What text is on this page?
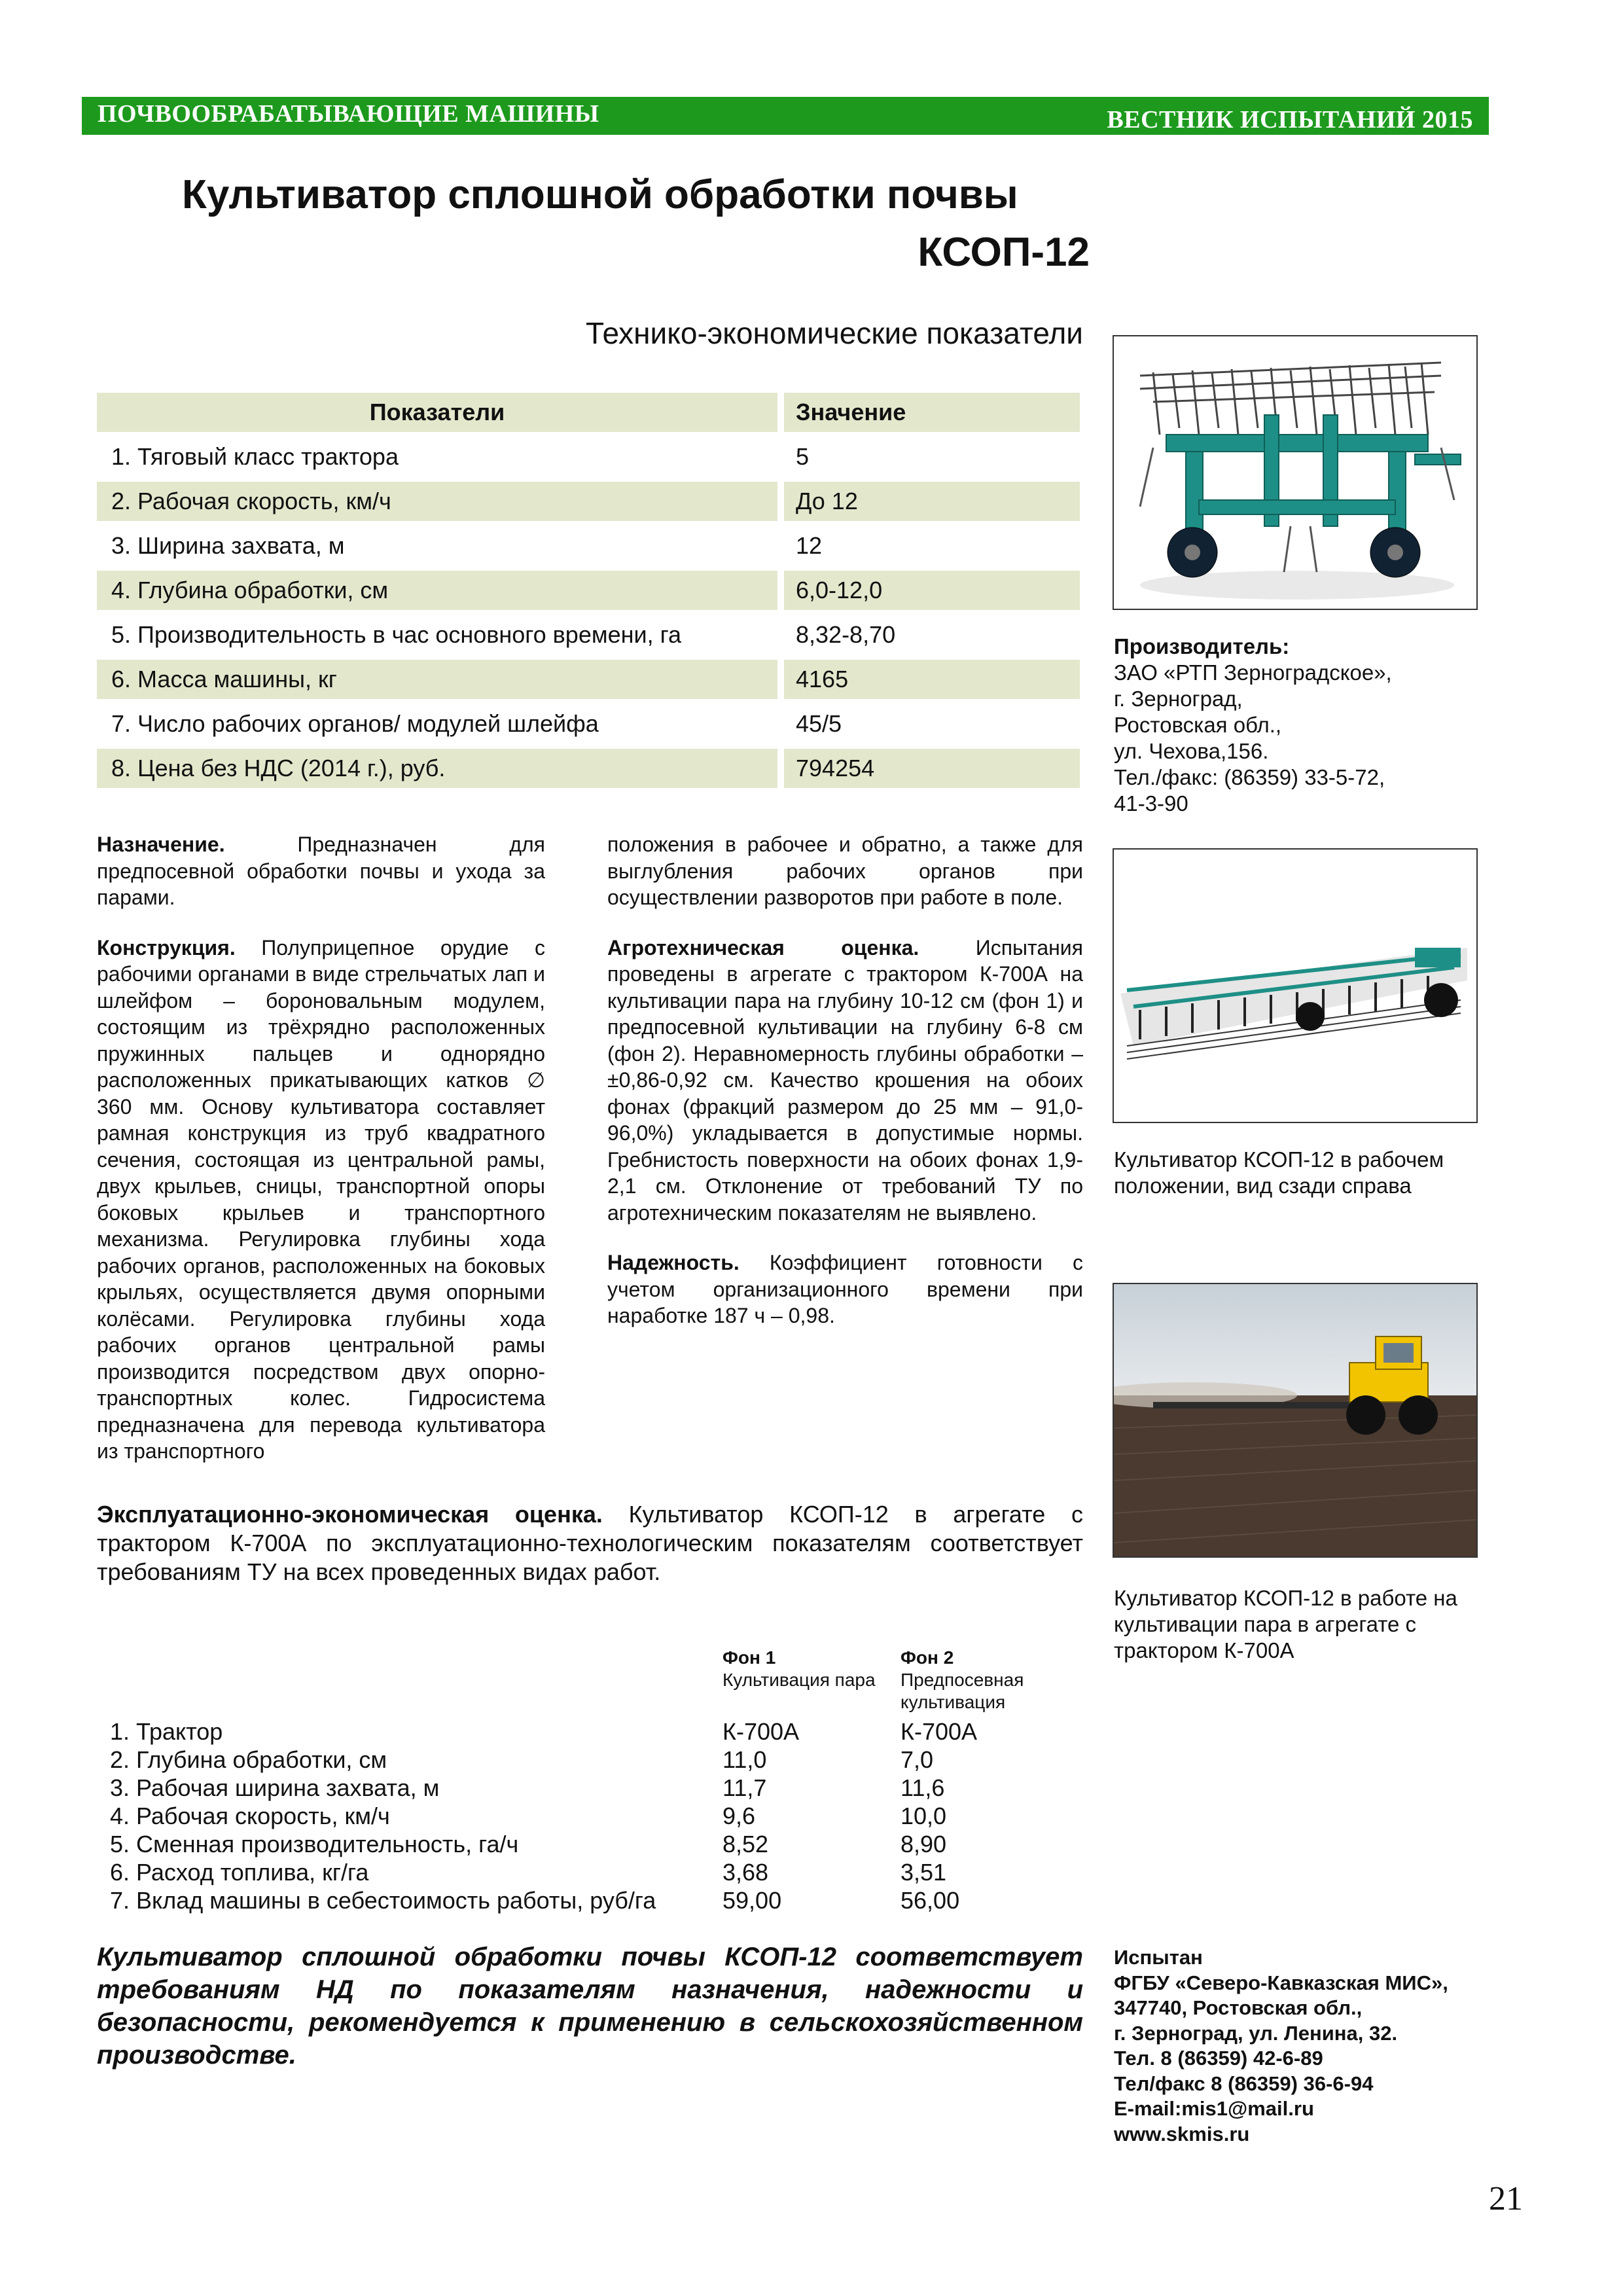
ПОЧВООБРАБАТЫВАЮЩИЕ МАШИНЫ	ВЕСТНИК ИСПЫТАНИЙ 2015
Культиватор сплошной обработки почвы
КСОП-12
Технико-экономические показатели
Показатели	Значение
1. Тяговый класс трактора	5
2. Рабочая скорость, км/ч	До 12
3. Ширина захвата, м	12
4. Глубина обработки, см	6,0-12,0
5. Производительность в час основного времени, га	8,32-8,70
6. Масса машины, кг	4165
7. Число рабочих органов/ модулей шлейфа	45/5
8. Цена без НДС (2014 г.), руб.	794254
Производитель:
ЗАО «РТП Зерноградское»,
г. Зерноград,
Ростовская обл.,
ул. Чехова,156.
Тел./факс: (86359) 33-5-72,
41-3-90
Культиватор КСОП-12 в рабочем положении, вид сзади справа
Культиватор КСОП-12 в работе на культивации пара в агрегате с трактором К-700А

Назначение. Предназначен для предпосевной обработки почвы и ухода за парами.

Конструкция. Полуприцепное орудие с рабочими органами в виде стрельчатых лап и шлейфом – бороновальным модулем, состоящим из трёхрядно расположенных пружинных пальцев и однорядно расположенных прикатывающих катков ∅ 360 мм. Основу культиватора составляет рамная конструкция из труб квадратного сечения, состоящая из центральной рамы, двух крыльев, сницы, транспортной опоры боковых крыльев и транспортного механизма. Регулировка глубины хода рабочих органов, расположенных на боковых крыльях, осуществляется двумя опорными колёсами. Регулировка глубины хода рабочих органов центральной рамы производится посредством двух опорно-транспортных колес. Гидросистема предназначена для перевода культиватора из транспортного

положения в рабочее и обратно, а также для выглубления рабочих органов при осуществлении разворотов при работе в поле.

Агротехническая оценка. Испытания проведены в агрегате с трактором К-700А на культивации пара на глубину 10-12 см (фон 1) и предпосевной культивации на глубину 6-8 см (фон 2). Неравномерность глубины обработки – ±0,86-0,92 см. Качество крошения на обоих фонах (фракций размером до 25 мм – 91,0-96,0%) укладывается в допустимые нормы. Гребнистость поверхности на обоих фонах 1,9-2,1 см. Отклонение от требований ТУ по агротехническим показателям не выявлено.

Надежность. Коэффициент готовности с учетом организационного времени при наработке 187 ч – 0,98.

Эксплуатационно-экономическая оценка. Культиватор КСОП-12 в агрегате с трактором К-700А по эксплуатационно-технологическим показателям соответствует требованиям ТУ на всех проведенных видах работ.
Фон 1
Культивация пара
Фон 2
Предпосевная культивация
1. Трактор	К-700А	К-700А
2. Глубина обработки, см	11,0	7,0
3. Рабочая ширина захвата, м	11,7	11,6
4. Рабочая скорость, км/ч	9,6	10,0
5. Сменная производительность, га/ч	8,52	8,90
6. Расход топлива, кг/га	3,68	3,51
7. Вклад машины в себестоимость работы, руб/га	59,00	56,00
Культиватор сплошной обработки почвы КСОП-12 соответствует требованиям НД по показателям назначения, надежности и безопасности, рекомендуется к применению в сельскохозяйственном производстве.
Испытан
ФГБУ «Северо-Кавказская МИС»,
347740, Ростовская обл.,
г. Зерноград, ул. Ленина, 32.
Тел. 8 (86359) 42-6-89
Тел/факс 8 (86359) 36-6-94
E-mail:mis1@mail.ru
www.skmis.ru
21
